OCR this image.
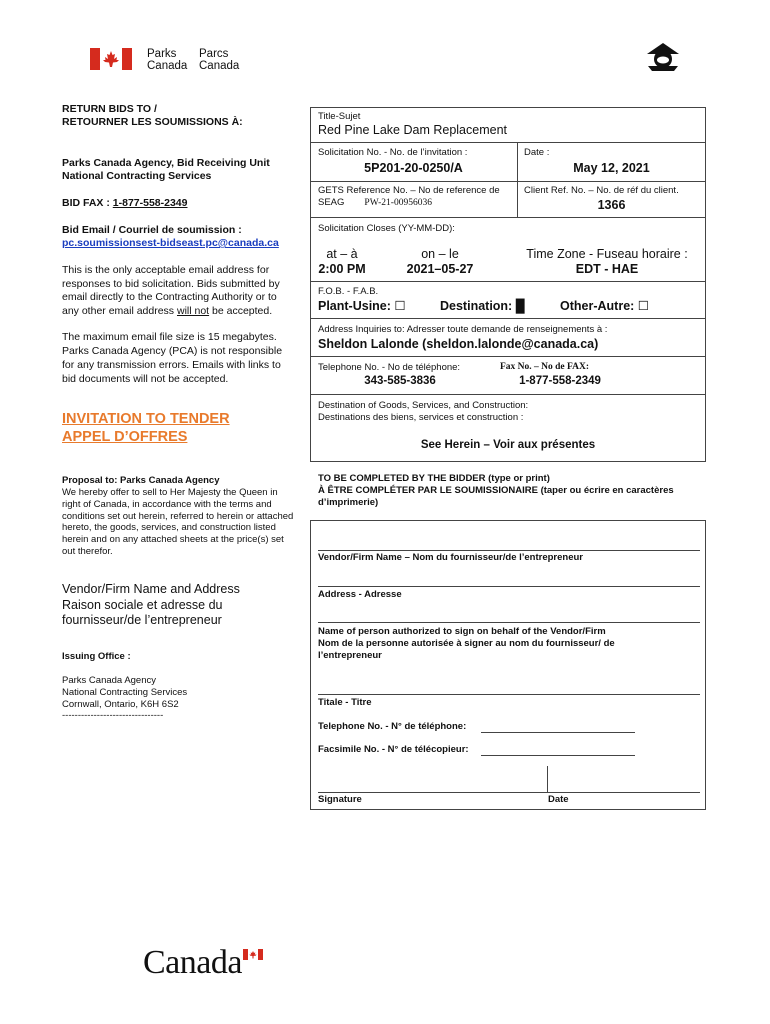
Parks
Canada
Parcs
Canada
RETURN BIDS TO /
RETOURNER LES SOUMISSIONS À:
Parks Canada Agency, Bid Receiving Unit
National Contracting Services
BID FAX : 1-877-558-2349
Bid Email / Courriel de soumission :
pc.soumissionsest-bidseast.pc@canada.ca
This is the only acceptable email address for
responses to bid solicitation. Bids submitted by
email directly to the Contracting Authority or to
any other email address will not be accepted.
The maximum email file size is 15 megabytes.
Parks Canada Agency (PCA) is not responsible
for any transmission errors. Emails with links to
bid documents will not be accepted.
INVITATION TO TENDER
APPEL D’OFFRES
Proposal to: Parks Canada Agency
We hereby offer to sell to Her Majesty the Queen in
right of Canada, in accordance with the terms and
conditions set out herein, referred to herein or attached
hereto, the goods, services, and construction listed
herein and on any attached sheets at the price(s) set
out therefor.
Vendor/Firm Name and Address
Raison sociale et adresse du
fournisseur/de l’entrepreneur
Issuing Office :
Parks Canada Agency
National Contracting Services
Cornwall, Ontario, K6H 6S2
--------------------------------
Title-Sujet
Red Pine Lake Dam Replacement
Solicitation No. - No. de l’invitation :
5P201-20-0250/A
Date :
May 12, 2021
GETS Reference No. – No de reference de
SEAG PW-21-00956036
Client Ref. No. – No. de réf du client.
1366
Solicitation Closes (YY-MM-DD):
at – à
2:00 PM
on – le
2021–05-27
Time Zone - Fuseau horaire :
EDT - HAE
F.O.B. - F.A.B.
Plant-Usine: ☐	Destination: █	Other-Autre: ☐
Address Inquiries to: Adresser toute demande de renseignements à :
Sheldon Lalonde (sheldon.lalonde@canada.ca)
Telephone No. - No de téléphone:
343-585-3836
Fax No. – No de FAX:
1-877-558-2349
Destination of Goods, Services, and Construction:
Destinations des biens, services et construction :
See Herein – Voir aux présentes
TO BE COMPLETED BY THE BIDDER (type or print)
À ÊTRE COMPLÉTER PAR LE SOUMISSIONAIRE (taper ou écrire en caractères
d’imprimerie)
Vendor/Firm Name – Nom du fournisseur/de l’entrepreneur
Address - Adresse
Name of person authorized to sign on behalf of the Vendor/Firm
Nom de la personne autorisée à signer au nom du fournisseur/ de
l’entrepreneur
Titale - Titre
Telephone No. - N° de téléphone:
Facsimile No. - N° de télécopieur:
Signature	Date
Canada
